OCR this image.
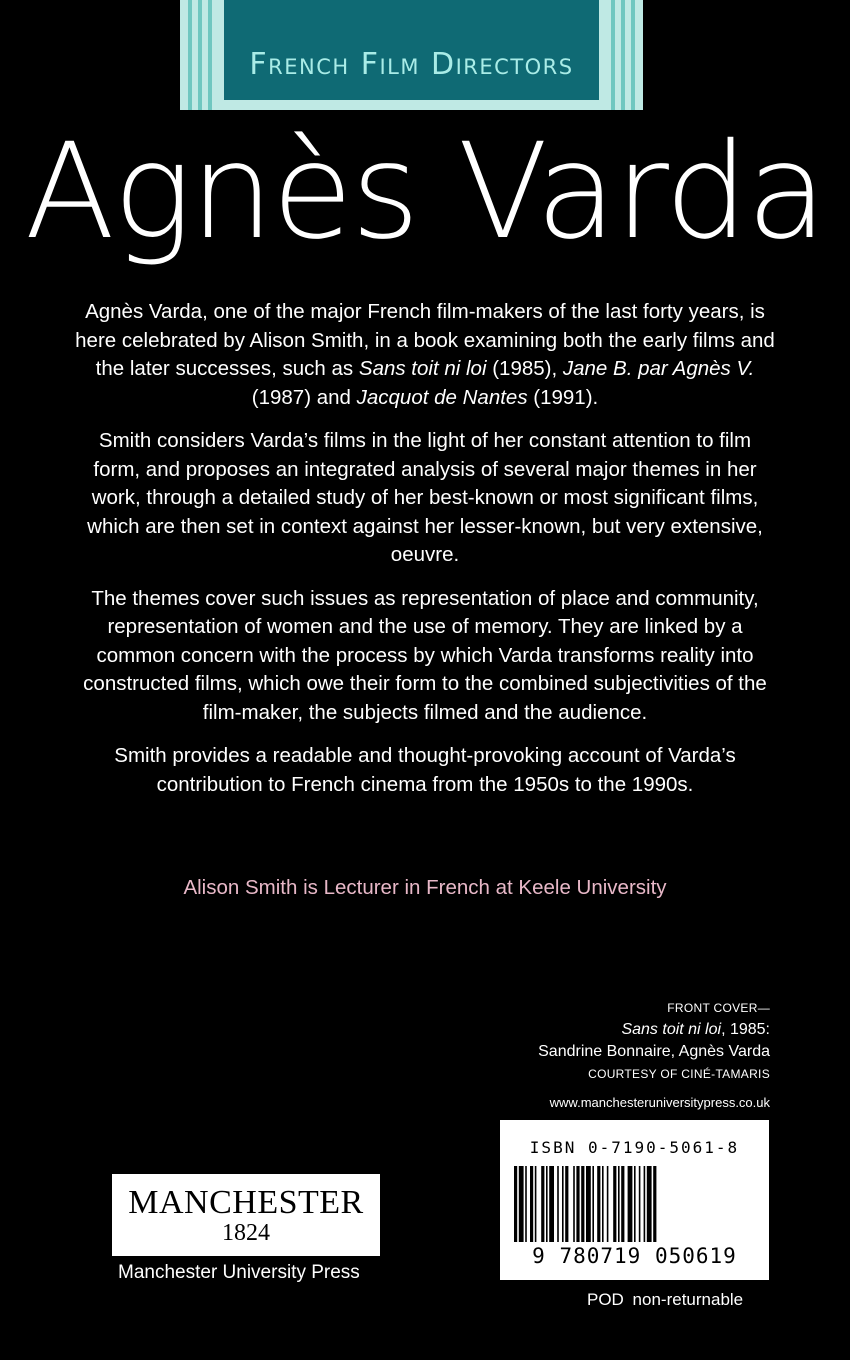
French Film Directors
Agnès Varda

Agnès Varda, one of the major French film-makers of the last forty years, is here celebrated by Alison Smith, in a book examining both the early films and the later successes, such as Sans toit ni loi (1985), Jane B. par Agnès V. (1987) and Jacquot de Nantes (1991).

Smith considers Varda’s films in the light of her constant attention to film form, and proposes an integrated analysis of several major themes in her work, through a detailed study of her best-known or most significant films, which are then set in context against her lesser-known, but very extensive, oeuvre.

The themes cover such issues as representation of place and community, representation of women and the use of memory. They are linked by a common concern with the process by which Varda transforms reality into constructed films, which owe their form to the combined subjectivities of the film-maker, the subjects filmed and the audience.

Smith provides a readable and thought-provoking account of Varda’s contribution to French cinema from the 1950s to the 1990s.

Alison Smith is Lecturer in French at Keele University
FRONT COVER—
Sans toit ni loi, 1985:
Sandrine Bonnaire, Agnès Varda
COURTESY OF CINÉ-TAMARIS
www.manchesteruniversitypress.co.uk
ISBN 0-7190-5061-8
9 780719 050619
POD non-returnable
MANCHESTER
1824
Manchester University Press
